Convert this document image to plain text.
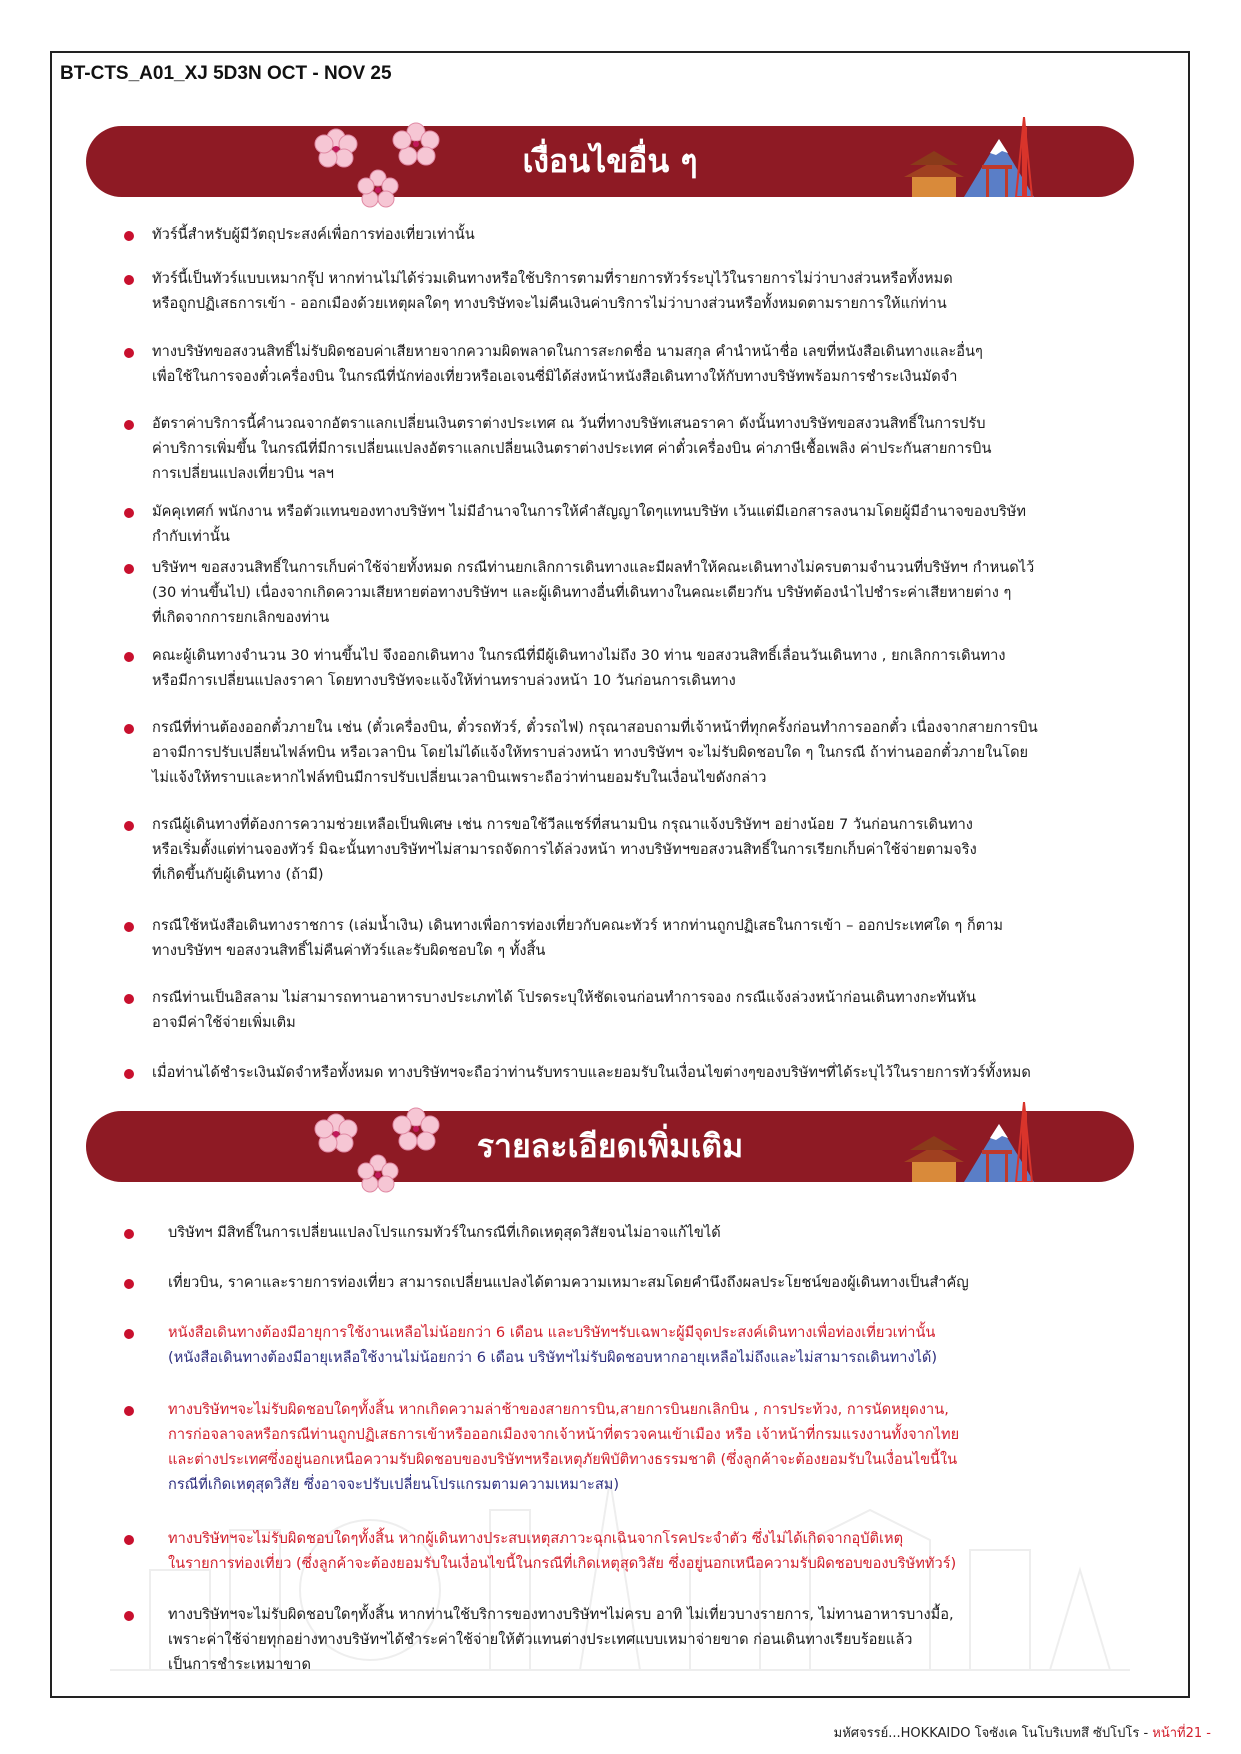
BT-CTS_A01_XJ 5D3N OCT - NOV 25
เงื่อนไขอื่น ๆ
ทัวร์นี้สำหรับผู้มีวัตถุประสงค์เพื่อการท่องเที่ยวเท่านั้น
ทัวร์นี้เป็นทัวร์แบบเหมากรุ๊ป หากท่านไม่ได้ร่วมเดินทางหรือใช้บริการตามที่รายการทัวร์ระบุไว้ในรายการไม่ว่าบางส่วนหรือทั้งหมด
หรือถูกปฏิเสธการเข้า - ออกเมืองด้วยเหตุผลใดๆ ทางบริษัทจะไม่คืนเงินค่าบริการไม่ว่าบางส่วนหรือทั้งหมดตามรายการให้แก่ท่าน
ทางบริษัทขอสงวนสิทธิ์ไม่รับผิดชอบค่าเสียหายจากความผิดพลาดในการสะกดชื่อ นามสกุล คำนำหน้าชื่อ เลขที่หนังสือเดินทางและอื่นๆ
เพื่อใช้ในการจองตั๋วเครื่องบิน ในกรณีที่นักท่องเที่ยวหรือเอเจนซี่มิได้ส่งหน้าหนังสือเดินทางให้กับทางบริษัทพร้อมการชำระเงินมัดจำ
อัตราค่าบริการนี้คำนวณจากอัตราแลกเปลี่ยนเงินตราต่างประเทศ ณ วันที่ทางบริษัทเสนอราคา ดังนั้นทางบริษัทขอสงวนสิทธิ์ในการปรับ
ค่าบริการเพิ่มขึ้น ในกรณีที่มีการเปลี่ยนแปลงอัตราแลกเปลี่ยนเงินตราต่างประเทศ ค่าตั๋วเครื่องบิน ค่าภาษีเชื้อเพลิง ค่าประกันสายการบิน
การเปลี่ยนแปลงเที่ยวบิน ฯลฯ
มัคคุเทศก์ พนักงาน หรือตัวแทนของทางบริษัทฯ ไม่มีอำนาจในการให้คำสัญญาใดๆแทนบริษัท เว้นแต่มีเอกสารลงนามโดยผู้มีอำนาจของบริษัท
กำกับเท่านั้น
บริษัทฯ ขอสงวนสิทธิ์ในการเก็บค่าใช้จ่ายทั้งหมด กรณีท่านยกเลิกการเดินทางและมีผลทำให้คณะเดินทางไม่ครบตามจำนวนที่บริษัทฯ กำหนดไว้
(30 ท่านขึ้นไป) เนื่องจากเกิดความเสียหายต่อทางบริษัทฯ และผู้เดินทางอื่นที่เดินทางในคณะเดียวกัน บริษัทต้องนำไปชำระค่าเสียหายต่าง ๆ
ที่เกิดจากการยกเลิกของท่าน
คณะผู้เดินทางจำนวน 30 ท่านขึ้นไป จึงออกเดินทาง ในกรณีที่มีผู้เดินทางไม่ถึง 30 ท่าน ขอสงวนสิทธิ์เลื่อนวันเดินทาง , ยกเลิกการเดินทาง
หรือมีการเปลี่ยนแปลงราคา โดยทางบริษัทจะแจ้งให้ท่านทราบล่วงหน้า 10 วันก่อนการเดินทาง
กรณีที่ท่านต้องออกตั๋วภายใน เช่น (ตั๋วเครื่องบิน, ตั๋วรถทัวร์, ตั๋วรถไฟ) กรุณาสอบถามที่เจ้าหน้าที่ทุกครั้งก่อนทำการออกตั๋ว เนื่องจากสายการบิน
อาจมีการปรับเปลี่ยนไฟล์ทบิน หรือเวลาบิน โดยไม่ได้แจ้งให้ทราบล่วงหน้า ทางบริษัทฯ จะไม่รับผิดชอบใด ๆ ในกรณี ถ้าท่านออกตั๋วภายในโดย
ไม่แจ้งให้ทราบและหากไฟล์ทบินมีการปรับเปลี่ยนเวลาบินเพราะถือว่าท่านยอมรับในเงื่อนไขดังกล่าว
กรณีผู้เดินทางที่ต้องการความช่วยเหลือเป็นพิเศษ เช่น การขอใช้วีลแชร์ที่สนามบิน กรุณาแจ้งบริษัทฯ อย่างน้อย 7 วันก่อนการเดินทาง
หรือเริ่มตั้งแต่ท่านจองทัวร์ มิฉะนั้นทางบริษัทฯไม่สามารถจัดการได้ล่วงหน้า ทางบริษัทฯขอสงวนสิทธิ์ในการเรียกเก็บค่าใช้จ่ายตามจริง
ที่เกิดขึ้นกับผู้เดินทาง (ถ้ามี)
กรณีใช้หนังสือเดินทางราชการ (เล่มน้ำเงิน) เดินทางเพื่อการท่องเที่ยวกับคณะทัวร์ หากท่านถูกปฏิเสธในการเข้า – ออกประเทศใด ๆ ก็ตาม
ทางบริษัทฯ ขอสงวนสิทธิ์ไม่คืนค่าทัวร์และรับผิดชอบใด ๆ ทั้งสิ้น
กรณีท่านเป็นอิสลาม ไม่สามารถทานอาหารบางประเภทได้ โปรดระบุให้ชัดเจนก่อนทำการจอง กรณีแจ้งล่วงหน้าก่อนเดินทางกะทันหัน
อาจมีค่าใช้จ่ายเพิ่มเติม
เมื่อท่านได้ชำระเงินมัดจำหรือทั้งหมด ทางบริษัทฯจะถือว่าท่านรับทราบและยอมรับในเงื่อนไขต่างๆของบริษัทฯที่ได้ระบุไว้ในรายการทัวร์ทั้งหมด
รายละเอียดเพิ่มเติม
บริษัทฯ มีสิทธิ์ในการเปลี่ยนแปลงโปรแกรมทัวร์ในกรณีที่เกิดเหตุสุดวิสัยจนไม่อาจแก้ไขได้
เที่ยวบิน, ราคาและรายการท่องเที่ยว สามารถเปลี่ยนแปลงได้ตามความเหมาะสมโดยคำนึงถึงผลประโยชน์ของผู้เดินทางเป็นสำคัญ
หนังสือเดินทางต้องมีอายุการใช้งานเหลือไม่น้อยกว่า 6 เดือน และบริษัทฯรับเฉพาะผู้มีจุดประสงค์เดินทางเพื่อท่องเที่ยวเท่านั้น
(หนังสือเดินทางต้องมีอายุเหลือใช้งานไม่น้อยกว่า 6 เดือน บริษัทฯไม่รับผิดชอบหากอายุเหลือไม่ถึงและไม่สามารถเดินทางได้)
ทางบริษัทฯจะไม่รับผิดชอบใดๆทั้งสิ้น หากเกิดความล่าช้าของสายการบิน,สายการบินยกเลิกบิน , การประท้วง, การนัดหยุดงาน,
การก่อจลาจลหรือกรณีท่านถูกปฏิเสธการเข้าหรือออกเมืองจากเจ้าหน้าที่ตรวจคนเข้าเมือง หรือ เจ้าหน้าที่กรมแรงงานทั้งจากไทย
และต่างประเทศซึ่งอยู่นอกเหนือความรับผิดชอบของบริษัทฯหรือเหตุภัยพิบัติทางธรรมชาติ (ซึ่งลูกค้าจะต้องยอมรับในเงื่อนไขนี้ใน
กรณีที่เกิดเหตุสุดวิสัย ซึ่งอาจจะปรับเปลี่ยนโปรแกรมตามความเหมาะสม)
ทางบริษัทฯจะไม่รับผิดชอบใดๆทั้งสิ้น หากผู้เดินทางประสบเหตุสภาวะฉุกเฉินจากโรคประจำตัว ซึ่งไม่ได้เกิดจากอุบัติเหตุ
ในรายการท่องเที่ยว (ซึ่งลูกค้าจะต้องยอมรับในเงื่อนไขนี้ในกรณีที่เกิดเหตุสุดวิสัย ซึ่งอยู่นอกเหนือความรับผิดชอบของบริษัททัวร์)
ทางบริษัทฯจะไม่รับผิดชอบใดๆทั้งสิ้น หากท่านใช้บริการของทางบริษัทฯไม่ครบ อาทิ ไม่เที่ยวบางรายการ, ไม่ทานอาหารบางมื้อ,
เพราะค่าใช้จ่ายทุกอย่างทางบริษัทฯได้ชำระค่าใช้จ่ายให้ตัวแทนต่างประเทศแบบเหมาจ่ายขาด ก่อนเดินทางเรียบร้อยแล้ว
เป็นการชำระเหมาขาด
มหัศจรรย์...HOKKAIDO โจซังเค โนโบริเบทสึ ซัปโปโร - หน้าที่21 -
